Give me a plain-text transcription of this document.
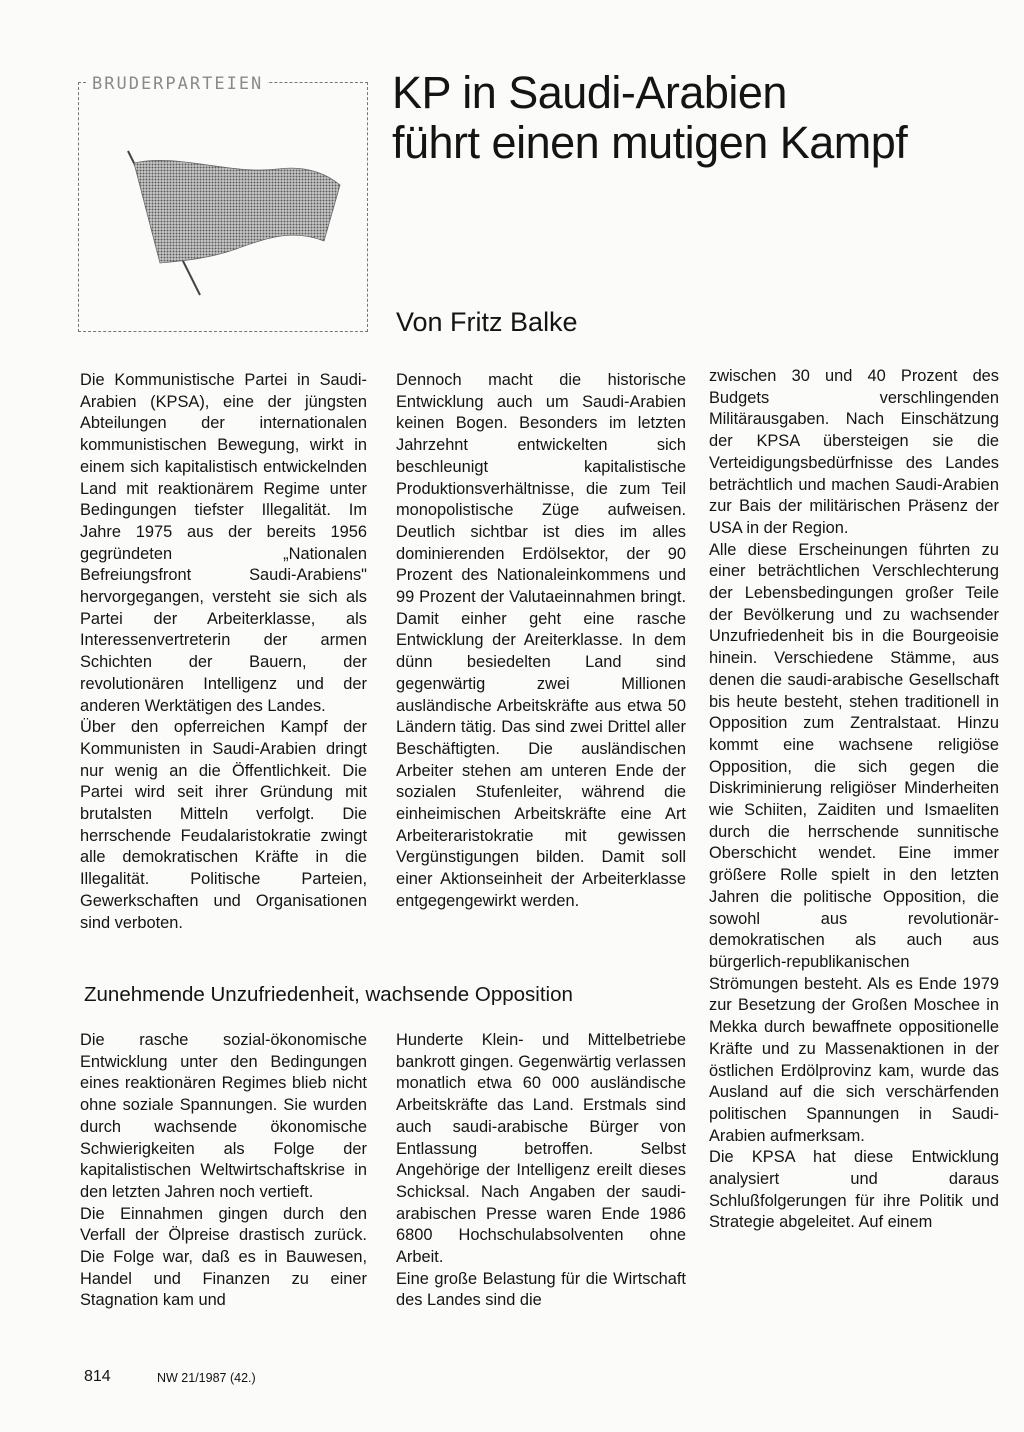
BRUDERPARTEIEN	KP in Saudi-Arabien
führt einen mutigen Kampf
Von Fritz Balke

Die Kommunistische Partei in Saudi-Arabien (KPSA), eine der jüngsten Abteilungen der internationalen kommunistischen Bewegung, wirkt in einem sich kapitalistisch entwickelnden Land mit reaktionärem Regime unter Bedingungen tiefster Illegalität. Im Jahre 1975 aus der bereits 1956 gegründeten „Nationalen Befreiungsfront Saudi-Arabiens" hervorgegangen, versteht sie sich als Partei der Arbeiterklasse, als Interessenvertreterin der armen Schichten der Bauern, der revolutionären Intelligenz und der anderen Werktätigen des Landes.

Über den opferreichen Kampf der Kommunisten in Saudi-Arabien dringt nur wenig an die Öffentlichkeit. Die Partei wird seit ihrer Gründung mit brutalsten Mitteln verfolgt. Die herrschende Feudalaristokratie zwingt alle demokratischen Kräfte in die Illegalität. Politische Parteien, Gewerkschaften und Organisationen sind verboten.

Dennoch macht die historische Entwicklung auch um Saudi-Arabien keinen Bogen. Besonders im letzten Jahrzehnt entwickelten sich beschleunigt kapitalistische Produktionsverhältnisse, die zum Teil monopolistische Züge aufweisen. Deutlich sichtbar ist dies im alles dominierenden Erdölsektor, der 90 Prozent des Nationaleinkommens und 99 Prozent der Valutaeinnahmen bringt. Damit einher geht eine rasche Entwicklung der Areiterklasse. In dem dünn besiedelten Land sind gegenwärtig zwei Millionen ausländische Arbeitskräfte aus etwa 50 Ländern tätig. Das sind zwei Drittel aller Beschäftigten. Die ausländischen Arbeiter stehen am unteren Ende der sozialen Stufenleiter, während die einheimischen Arbeitskräfte eine Art Arbeiteraristokratie mit gewissen Vergünstigungen bilden. Damit soll einer Aktionseinheit der Arbeiterklasse entgegengewirkt werden.

zwischen 30 und 40 Prozent des Budgets verschlingenden Militärausgaben. Nach Einschätzung der KPSA übersteigen sie die Verteidigungsbedürfnisse des Landes beträchtlich und machen Saudi-Arabien zur Bais der militärischen Präsenz der USA in der Region.

Alle diese Erscheinungen führten zu einer beträchtlichen Verschlechterung der Lebensbedingungen großer Teile der Bevölkerung und zu wachsender Unzufriedenheit bis in die Bourgeoisie hinein. Verschiedene Stämme, aus denen die saudi-arabische Gesellschaft bis heute besteht, stehen traditionell in Opposition zum Zentralstaat. Hinzu kommt eine wachsene religiöse Opposition, die sich gegen die Diskriminierung religiöser Minderheiten wie Schiiten, Zaiditen und Ismaeliten durch die herrschende sunnitische Oberschicht wendet. Eine immer größere Rolle spielt in den letzten Jahren die politische Opposition, die sowohl aus revolutionär-demokratischen als auch aus bürgerlich-republikanischen Strömungen besteht. Als es Ende 1979 zur Besetzung der Großen Moschee in Mekka durch bewaffnete oppositionelle Kräfte und zu Massenaktionen in der östlichen Erdölprovinz kam, wurde das Ausland auf die sich verschärfenden politischen Spannungen in Saudi-Arabien aufmerksam.

Die KPSA hat diese Entwicklung analysiert und daraus Schlußfolgerungen für ihre Politik und Strategie abgeleitet. Auf einem

Zunehmende Unzufriedenheit, wachsende Opposition

Die rasche sozial-ökonomische Entwicklung unter den Bedingungen eines reaktionären Regimes blieb nicht ohne soziale Spannungen. Sie wurden durch wachsende ökonomische Schwierigkeiten als Folge der kapitalistischen Weltwirtschaftskrise in den letzten Jahren noch vertieft.

Die Einnahmen gingen durch den Verfall der Ölpreise drastisch zurück. Die Folge war, daß es in Bauwesen, Handel und Finanzen zu einer Stagnation kam und

Hunderte Klein- und Mittelbetriebe bankrott gingen. Gegenwärtig verlassen monatlich etwa 60 000 ausländische Arbeitskräfte das Land. Erstmals sind auch saudi-arabische Bürger von Entlassung betroffen. Selbst Angehörige der Intelligenz ereilt dieses Schicksal. Nach Angaben der saudi-arabischen Presse waren Ende 1986 6800 Hochschulabsolventen ohne Arbeit.

Eine große Belastung für die Wirtschaft des Landes sind die

814	NW 21/1987 (42.)
